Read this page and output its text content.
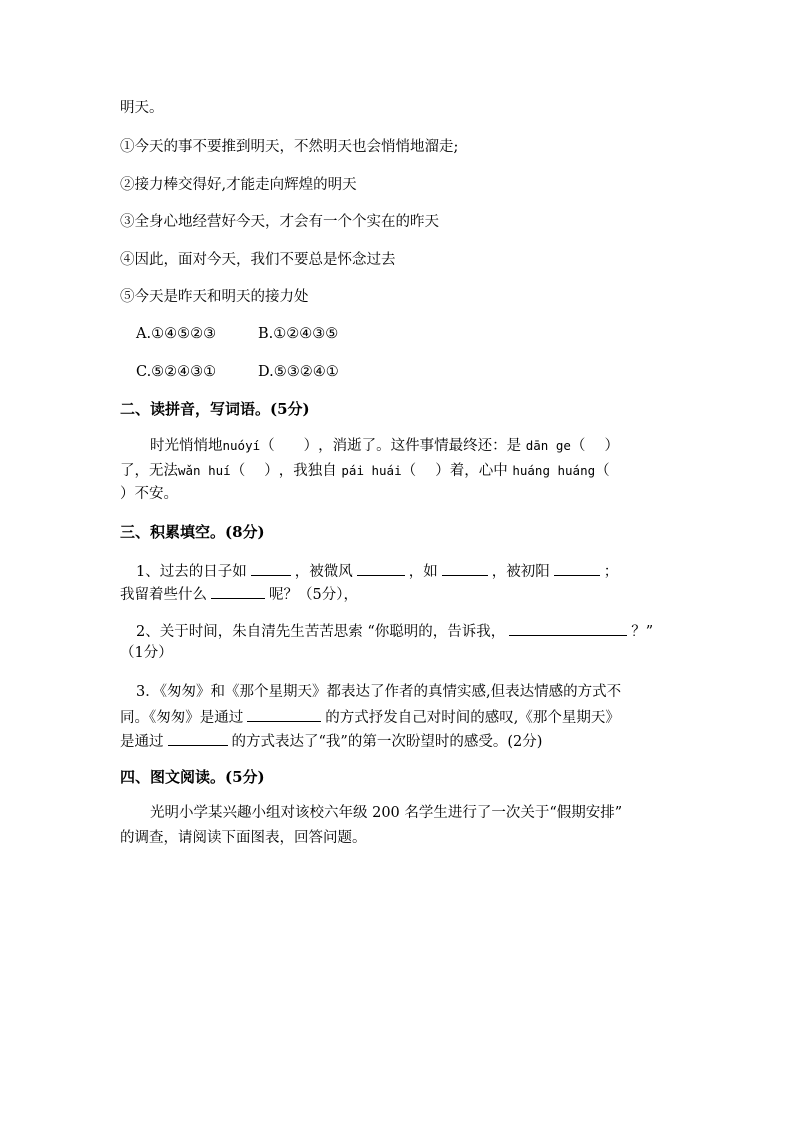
明天。
①今天的事不要推到明天，不然明天也会悄悄地溜走;
②接力棒交得好,才能走向辉煌的明天
③全身心地经营好今天，才会有一个个实在的昨天
④因此，面对今天，我们不要总是怀念过去
⑤今天是昨天和明天的接力处
A.①④⑤②③	B.①②④③⑤
C.⑤②④③①	D.⑤③②④①
二、读拼音，写词语。(5分)
时光悄悄地nuóyí（　　），消逝了。这件事情最终还：是 dān ge（　 ）
了，无法wǎn huí（　 ），我独自 pái huái（　 ）着，心中 huáng huáng（
）不安。
三、积累填空。(8分)
1、过去的日子如	，被微风	，如	，被初阳	；
我留着些什么	呢？（5分），
2、关于时间，朱自清先生苦苦思索 “你聪明的，告诉我，	？”
（1分）
3．《匆匆》和《那个星期天》都表达了作者的真情实感,但表达情感的方式不
同。《匆匆》是通过	的方式抒发自己对时间的感叹,《那个星期天》
是通过	的方式表达了“我”的第一次盼望时的感受。(2分)
四、图文阅读。(5分)
光明小学某兴趣小组对该校六年级 200 名学生进行了一次关于“假期安排”
的调查，请阅读下面图表，回答问题。
